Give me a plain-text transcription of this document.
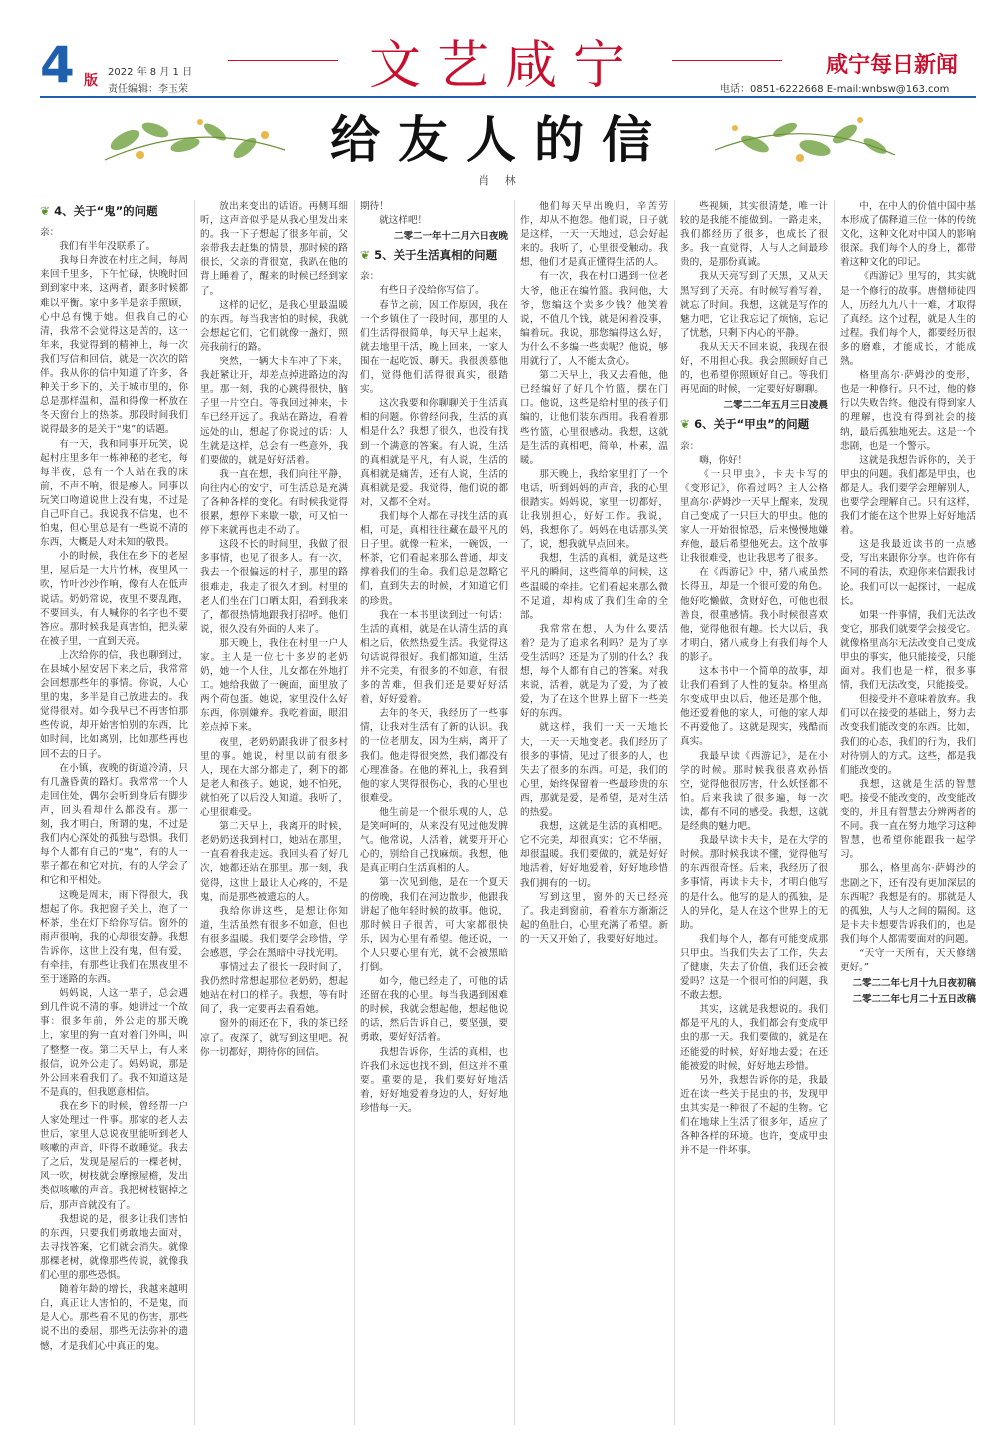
4 版
2022 年 8 月 1 日
责任编辑：李玉荣	文艺咸宁	咸宁每日新闻
电话：0851-6222668 E-mail:wnbsw@163.com
给友人的信
肖 林
❦ 4、关于“鬼”的问题

亲：

我们有半年没联系了。

我每日奔波在村庄之间，每周来回千里多，下午忙碌，快晚时回到到家中来，这两者，跟多时候都难以平衡。家中多半是亲手照顾，心中总有愧于她。但我自己的心清，我常不会觉得这是苦的，这一年来，我觉得到的精神上，每一次我们写信和回信，就是一次次的陪伴。我从你的信中知道了许多，各种关于乡下的，关于城市里的，你总是那样温和，温和得像一杯放在冬天窗台上的热茶。那段时间我们说得最多的是关于“鬼”的话题。

有一天，我和同事开玩笑，说起村庄里多年一栋神秘的老宅，每每半夜，总有一个人站在我的床前，不声不响，很是瘆人。同事以玩笑口吻道说世上没有鬼，不过是自己吓自己。我说我不信鬼，也不怕鬼，但心里总是有一些说不清的东西，大概是人对未知的敬畏。

小的时候，我住在乡下的老屋里，屋后是一大片竹林，夜里风一吹，竹叶沙沙作响，像有人在低声说话。奶奶常说，夜里不要乱跑，不要回头，有人喊你的名字也不要答应。那时候我是真害怕，把头蒙在被子里，一直到天亮。

上次给你的信，我也聊到过，在县城小屋安居下来之后，我常常会回想那些年的事情。你说，人心里的鬼，多半是自己放进去的。我觉得很对。如今我早已不再害怕那些传说，却开始害怕别的东西，比如时间，比如离别，比如那些再也回不去的日子。

在小镇，夜晚的街道冷清，只有几盏昏黄的路灯。我常常一个人走回住处，偶尔会听到身后有脚步声，回头看却什么都没有。那一刻，我才明白，所谓的鬼，不过是我们内心深处的孤独与恐惧。我们每个人都有自己的“鬼”，有的人一辈子都在和它对抗，有的人学会了和它和平相处。

这晚是周末，雨下得很大，我想起了你。我把窗子关上，泡了一杯茶，坐在灯下给你写信。窗外的雨声很响，我的心却很安静。我想告诉你，这世上没有鬼，但有爱，有牵挂，有那些让我们在黑夜里不至于迷路的东西。

妈妈说，人这一辈子，总会遇到几件说不清的事。她讲过一个故事：很多年前，外公走的那天晚上，家里的狗一直对着门外叫，叫了整整一夜。第二天早上，有人来报信，说外公走了。妈妈说，那是外公回来看我们了。我不知道这是不是真的，但我愿意相信。

我在乡下的时候，曾经帮一户人家处理过一件事。那家的老人去世后，家里人总说夜里能听到老人咳嗽的声音，吓得不敢睡觉。我去了之后，发现是屋后的一棵老树，风一吹，树枝就会摩擦屋檐，发出类似咳嗽的声音。我把树枝锯掉之后，那声音就没有了。

我想说的是，很多让我们害怕的东西，只要我们勇敢地去面对，去寻找答案，它们就会消失。就像那棵老树，就像那些传说，就像我们心里的那些恐惧。

随着年龄的增长，我越来越明白，真正让人害怕的，不是鬼，而是人心。那些看不见的伤害，那些说不出的委屈，那些无法弥补的遗憾，才是我们心中真正的鬼。

放出来变出的话语。再侧耳细听，这声音似乎是从我心里发出来的。我一下子想起了很多年前，父亲带我去赶集的情景，那时候的路很长，父亲的背很宽，我趴在他的背上睡着了，醒来的时候已经到家了。

这样的记忆，是我心里最温暖的东西。每当我害怕的时候，我就会想起它们，它们就像一盏灯，照亮我前行的路。

突然，一辆大卡车冲了下来，我赶紧让开，却差点掉进路边的沟里。那一刻，我的心跳得很快，脑子里一片空白。等我回过神来，卡车已经开远了。我站在路边，看着远处的山，想起了你说过的话：人生就是这样，总会有一些意外，我们要做的，就是好好活着。

我一直在想，我们向往平静，向往内心的安宁，可生活总是充满了各种各样的变化。有时候我觉得很累，想停下来歇一歇，可又怕一停下来就再也走不动了。

这段不长的时间里，我做了很多事情，也见了很多人。有一次，我去一个很偏远的村子，那里的路很难走，我走了很久才到。村里的老人们坐在门口晒太阳，看到我来了，都很热情地跟我打招呼。他们说，很久没有外面的人来了。

那天晚上，我住在村里一户人家。主人是一位七十多岁的老奶奶，她一个人住，儿女都在外地打工。她给我做了一碗面，面里放了两个荷包蛋。她说，家里没什么好东西，你别嫌弃。我吃着面，眼泪差点掉下来。

夜里，老奶奶跟我讲了很多村里的事。她说，村里以前有很多人，现在大部分都走了，剩下的都是老人和孩子。她说，她不怕死，就怕死了以后没人知道。我听了，心里很难受。

第二天早上，我离开的时候，老奶奶送我到村口，她站在那里，一直看着我走远。我回头看了好几次，她都还站在那里。那一刻，我觉得，这世上最让人心疼的，不是鬼，而是那些被遗忘的人。

我给你讲这些，是想让你知道，生活虽然有很多不如意，但也有很多温暖。我们要学会珍惜，学会感恩，学会在黑暗中寻找光明。

事情过去了很长一段时间了，我仍然时常想起那位老奶奶，想起她站在村口的样子。我想，等有时间了，我一定要再去看看她。

窗外的雨还在下，我的茶已经凉了。夜深了，就写到这里吧。祝你一切都好，期待你的回信。

期待！

就这样吧！

二零二一年十二月六日夜晚
❦ 5、关于生活真相的问题

亲：

有些日子没给你写信了。

春节之前，因工作原因，我在一个乡镇住了一段时间，那里的人们生活得很简单，每天早上起来，就去地里干活，晚上回来，一家人围在一起吃饭、聊天。我很羡慕他们，觉得他们活得很真实，很踏实。

这次我要和你聊聊关于生活真相的问题。你曾经问我，生活的真相是什么？我想了很久，也没有找到一个满意的答案。有人说，生活的真相就是平凡，有人说，生活的真相就是痛苦，还有人说，生活的真相就是爱。我觉得，他们说的都对，又都不全对。

我们每个人都在寻找生活的真相，可是，真相往往藏在最平凡的日子里。就像一粒米，一碗饭，一杯茶，它们看起来那么普通，却支撑着我们的生命。我们总是忽略它们，直到失去的时候，才知道它们的珍贵。

我在一本书里读到过一句话：生活的真相，就是在认清生活的真相之后，依然热爱生活。我觉得这句话说得很好。我们都知道，生活并不完美，有很多的不如意，有很多的苦难，但我们还是要好好活着，好好爱着。

去年的冬天，我经历了一些事情，让我对生活有了新的认识。我的一位老朋友，因为生病，离开了我们。他走得很突然，我们都没有心理准备。在他的葬礼上，我看到他的家人哭得很伤心，我的心里也很难受。

他生前是一个很乐观的人，总是笑呵呵的，从来没有见过他发脾气。他常说，人活着，就要开开心心的，别给自己找麻烦。我想，他是真正明白生活真相的人。

第一次见到他，是在一个夏天的傍晚，我们在河边散步，他跟我讲起了他年轻时候的故事。他说，那时候日子很苦，可大家都很快乐，因为心里有希望。他还说，一个人只要心里有光，就不会被黑暗打倒。

如今，他已经走了，可他的话还留在我的心里。每当我遇到困难的时候，我就会想起他，想起他说的话，然后告诉自己，要坚强，要勇敢，要好好活着。

我想告诉你，生活的真相，也许我们永远也找不到，但这并不重要。重要的是，我们要好好地活着，好好地爱着身边的人，好好地珍惜每一天。

他们每天早出晚归，辛苦劳作，却从不抱怨。他们说，日子就是这样，一天一天地过，总会好起来的。我听了，心里很受触动。我想，他们才是真正懂得生活的人。

有一次，我在村口遇到一位老大爷，他正在编竹篮。我问他，大爷，您编这个卖多少钱？他笑着说，不值几个钱，就是闲着没事，编着玩。我说，那您编得这么好，为什么不多编一些卖呢？他说，够用就行了，人不能太贪心。

第二天早上，我又去看他，他已经编好了好几个竹篮，摆在门口。他说，这些是给村里的孩子们编的，让他们装东西用。我看着那些竹篮，心里很感动。我想，这就是生活的真相吧，简单，朴素，温暖。

那天晚上，我给家里打了一个电话，听到妈妈的声音，我的心里很踏实。妈妈说，家里一切都好，让我别担心，好好工作。我说，妈，我想你了。妈妈在电话那头笑了，说，想我就早点回来。

我想，生活的真相，就是这些平凡的瞬间，这些简单的问候，这些温暖的牵挂。它们看起来那么微不足道，却构成了我们生命的全部。

我常常在想，人为什么要活着？是为了追求名利吗？是为了享受生活吗？还是为了别的什么？我想，每个人都有自己的答案。对我来说，活着，就是为了爱，为了被爱，为了在这个世界上留下一些美好的东西。

就这样，我们一天一天地长大，一天一天地变老。我们经历了很多的事情，见过了很多的人，也失去了很多的东西。可是，我们的心里，始终保留着一些最珍贵的东西，那就是爱，是希望，是对生活的热爱。

我想，这就是生活的真相吧。它不完美，却很真实；它不华丽，却很温暖。我们要做的，就是好好地活着，好好地爱着，好好地珍惜我们拥有的一切。

写到这里，窗外的天已经亮了。我走到窗前，看着东方渐渐泛起的鱼肚白，心里充满了希望。新的一天又开始了，我要好好地过。

些视频，其实很清楚，唯一计较的是我能不能做到。一路走来，我们都经历了很多，也成长了很多。我一直觉得，人与人之间最珍贵的，是那份真诚。

我从天亮写到了天黑，又从天黑写到了天亮。有时候写着写着，就忘了时间。我想，这就是写作的魅力吧，它让我忘记了烦恼，忘记了忧愁，只剩下内心的平静。

我从天天不回来说，我现在很好，不用担心我。我会照顾好自己的，也希望你照顾好自己。等我们再见面的时候，一定要好好聊聊。

二零二二年五月三日凌晨
❦ 6、关于“甲虫”的问题

亲：

嗨，你好！

《一只甲虫》，卡夫卡写的《变形记》，你看过吗？主人公格里高尔·萨姆沙一天早上醒来，发现自己变成了一只巨大的甲虫。他的家人一开始很惊恐，后来慢慢地嫌弃他，最后希望他死去。这个故事让我很难受，也让我思考了很多。

在《西游记》中，猪八戒虽然长得丑，却是一个很可爱的角色。他好吃懒做，贪财好色，可他也很善良，很重感情。我小时候很喜欢他，觉得他很有趣。长大以后，我才明白，猪八戒身上有我们每个人的影子。

这本书中一个简单的故事，却让我们看到了人性的复杂。格里高尔变成甲虫以后，他还是那个他，他还爱着他的家人，可他的家人却不再爱他了。这就是现实，残酷而真实。

我最早读《西游记》，是在小学的时候。那时候我很喜欢孙悟空，觉得他很厉害，什么妖怪都不怕。后来我读了很多遍，每一次读，都有不同的感受。我想，这就是经典的魅力吧。

我最早读卡夫卡，是在大学的时候。那时候我读不懂，觉得他写的东西很奇怪。后来，我经历了很多事情，再读卡夫卡，才明白他写的是什么。他写的是人的孤独，是人的异化，是人在这个世界上的无助。

我们每个人，都有可能变成那只甲虫。当我们失去了工作，失去了健康，失去了价值，我们还会被爱吗？这是一个很可怕的问题，我不敢去想。

其实，这就是我想说的。我们都是平凡的人，我们都会有变成甲虫的那一天。我们要做的，就是在还能爱的时候，好好地去爱；在还能被爱的时候，好好地去珍惜。

另外，我想告诉你的是，我最近在读一些关于昆虫的书，发现甲虫其实是一种很了不起的生物。它们在地球上生活了很多年，适应了各种各样的环境。也许，变成甲虫并不是一件坏事。

中，在中人的价值中国中基本形成了儒释道三位一体的传统文化，这种文化对中国人的影响很深。我们每个人的身上，都带着这种文化的印记。

《西游记》里写的，其实就是一个修行的故事。唐僧师徒四人，历经九九八十一难，才取得了真经。这个过程，就是人生的过程。我们每个人，都要经历很多的磨难，才能成长，才能成熟。

格里高尔·萨姆沙的变形，也是一种修行。只不过，他的修行以失败告终。他没有得到家人的理解，也没有得到社会的接纳，最后孤独地死去。这是一个悲剧，也是一个警示。

这就是我想告诉你的，关于甲虫的问题。我们都是甲虫，也都是人。我们要学会理解别人，也要学会理解自己。只有这样，我们才能在这个世界上好好地活着。

这是我最近读书的一点感受，写出来跟你分享。也许你有不同的看法，欢迎你来信跟我讨论。我们可以一起探讨，一起成长。

如果一件事情，我们无法改变它，那我们就要学会接受它。就像格里高尔无法改变自己变成甲虫的事实，他只能接受，只能面对。我们也是一样，很多事情，我们无法改变，只能接受。

但接受并不意味着放弃。我们可以在接受的基础上，努力去改变我们能改变的东西。比如，我们的心态，我们的行为，我们对待别人的方式。这些，都是我们能改变的。

我想，这就是生活的智慧吧。接受不能改变的，改变能改变的，并且有智慧去分辨两者的不同。我一直在努力地学习这种智慧，也希望你能跟我一起学习。

那么，格里高尔·萨姆沙的悲剧之下，还有没有更加深层的东西呢？我想是有的。那就是人的孤独，人与人之间的隔阂。这是卡夫卡想要告诉我们的，也是我们每个人都需要面对的问题。

“天守一天所有，天天修缮更好。”

二零二二年七月十九日夜初稿
二零二二年七月二十五日改稿
